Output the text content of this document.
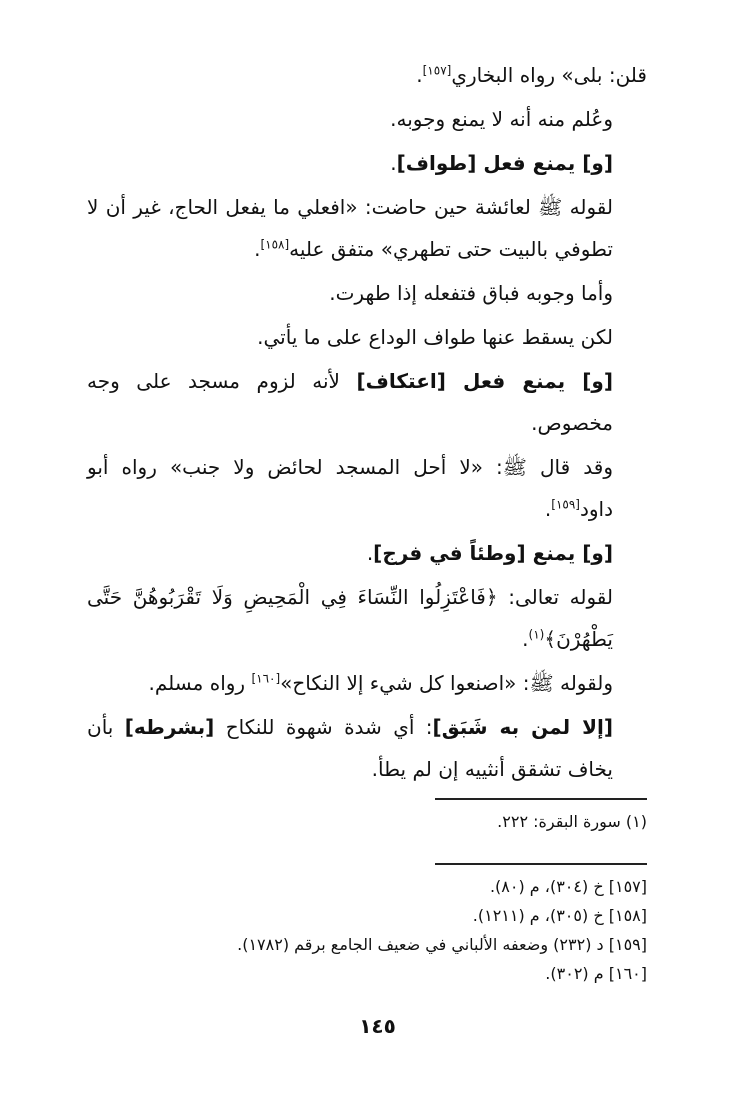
قلن: بلى» رواه البخاري[١٥٧].

وعُلم منه أنه لا يمنع وجوبه.

[و] يمنع فعل [طواف].

لقوله ﷺ لعائشة حين حاضت: «افعلي ما يفعل الحاج، غير أن لا تطوفي بالبيت حتى تطهري» متفق عليه[١٥٨].

وأما وجوبه فباق فتفعله إذا طهرت.

لكن يسقط عنها طواف الوداع على ما يأتي.

[و] يمنع فعل [اعتكاف] لأنه لزوم مسجد على وجه مخصوص.

وقد قال ﷺ: «لا أحل المسجد لحائض ولا جنب» رواه أبو داود[١٥٩].

[و] يمنع [وطئاً في فرج].

لقوله تعالى: ﴿فَاعْتَزِلُوا النِّسَاءَ فِي الْمَحِيضِ وَلَا تَقْرَبُوهُنَّ حَتَّى يَطْهُرْنَ﴾$^{(١)}$.

ولقوله ﷺ: «اصنعوا كل شيء إلا النكاح»[١٦٠] رواه مسلم.

[إلا لمن به شَبَق]: أي شدة شهوة للنكاح [بشرطه] بأن يخاف تشقق أنثييه إن لم يطأ.

(١) سورة البقرة: ٢٢٢.
[١٥٧] خ (٣٠٤)، م (٨٠).
[١٥٨] خ (٣٠٥)، م (١٢١١).
[١٥٩] د (٢٣٢) وضعفه الألباني في ضعيف الجامع برقم (١٧٨٢).
[١٦٠] م (٣٠٢).
١٤٥
